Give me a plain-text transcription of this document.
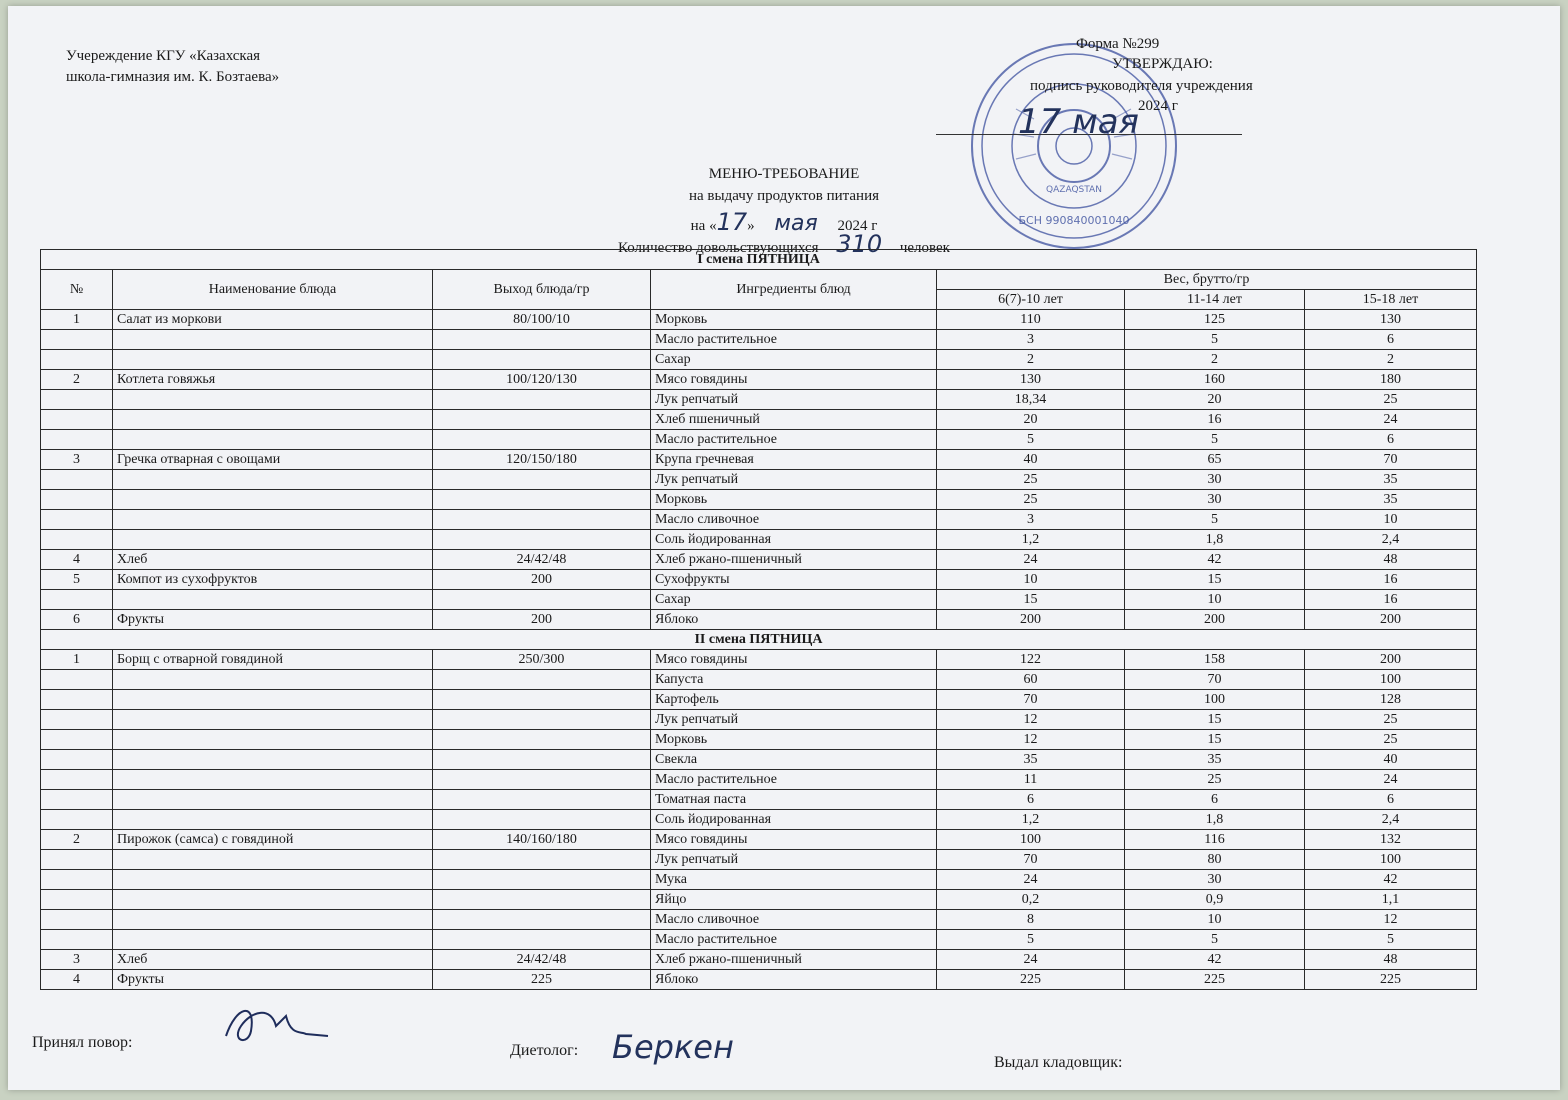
Учереждение КГУ «Казахская
школа-гимназия им. К. Бозтаева»
QAZAQSTAN
БСН 990840001040
Форма №299
УТВЕРЖДАЮ:
подпись руководителя учреждения
2024 г
17 мая
МЕНЮ-ТРЕБОВАНИЕ
на выдачу продуктов питания
на «17» мая 2024 г
Количество довольствующихся 310 человек
I смена ПЯТНИЦА						
№	Наименование блюда	Выход блюда/гр	Ингредиенты блюд	Вес, брутто/гр		
				6(7)-10 лет	11-14 лет	15-18 лет
1	Салат из моркови	80/100/10	Морковь	110	125	130
			Масло растительное	3	5	6
			Сахар	2	2	2
2	Котлета говяжья	100/120/130	Мясо говядины	130	160	180
			Лук репчатый	18,34	20	25
			Хлеб пшеничный	20	16	24
			Масло растительное	5	5	6
3	Гречка отварная с овощами	120/150/180	Крупа гречневая	40	65	70
			Лук репчатый	25	30	35
			Морковь	25	30	35
			Масло сливочное	3	5	10
			Соль йодированная	1,2	1,8	2,4
4	Хлеб	24/42/48	Хлеб ржано-пшеничный	24	42	48
5	Компот из сухофруктов	200	Сухофрукты	10	15	16
			Сахар	15	10	16
6	Фрукты	200	Яблоко	200	200	200
II смена ПЯТНИЦА						
1	Борщ с отварной говядиной	250/300	Мясо говядины	122	158	200
			Капуста	60	70	100
			Картофель	70	100	128
			Лук репчатый	12	15	25
			Морковь	12	15	25
			Свекла	35	35	40
			Масло растительное	11	25	24
			Томатная паста	6	6	6
			Соль йодированная	1,2	1,8	2,4
2	Пирожок (самса) с говядиной	140/160/180	Мясо говядины	100	116	132
			Лук репчатый	70	80	100
			Мука	24	30	42
			Яйцо	0,2	0,9	1,1
			Масло сливочное	8	10	12
			Масло растительное	5	5	5
3	Хлеб	24/42/48	Хлеб ржано-пшеничный	24	42	48
4	Фрукты	225	Яблоко	225	225	225
Принял повор:	Диетолог: Беркен	Выдал кладовщик:
